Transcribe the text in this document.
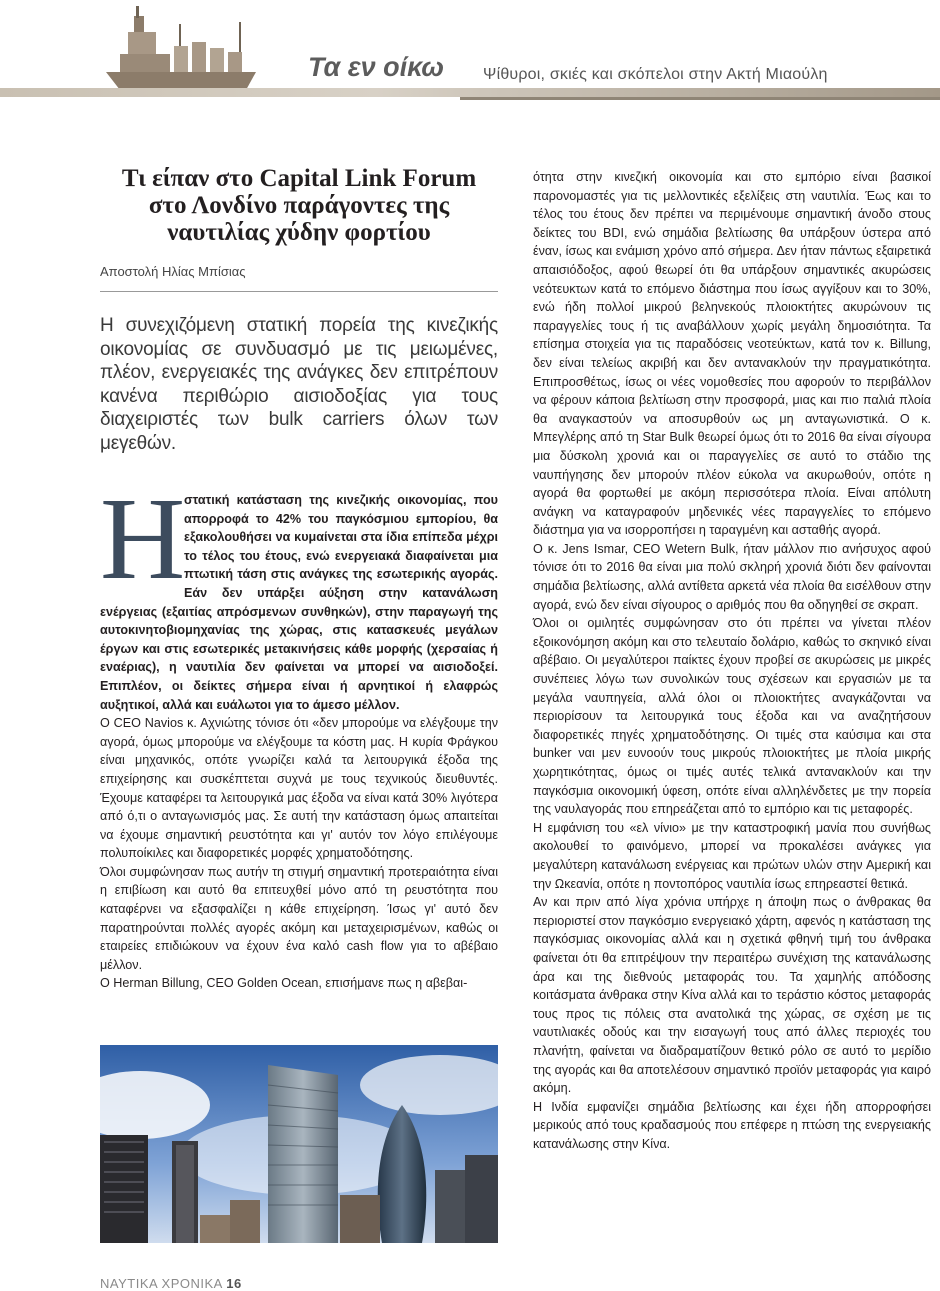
Τα εν οίκω Ψίθυροι, σκιές και σκόπελοι στην Ακτή Μιαούλη
Τι είπαν στο Capital Link Forum στο Λονδίνο παράγοντες της ναυτιλίας χύδην φορτίου
Αποστολή Ηλίας Μπίσιας
Η συνεχιζόμενη στατική πορεία της κινεζικής οικονομίας σε συνδυασμό με τις μειωμένες, πλέον, ενεργειακές της ανάγκες δεν επιτρέπουν κανένα περιθώριο αισιοδοξίας για τους διαχειριστές των bulk carriers όλων των μεγεθών.
Η

στατική κατάσταση της κινεζικής οικονομίας, που απορροφά το 42% του παγκόσμιου εμπορίου, θα εξακολουθήσει να κυμαίνεται στα ίδια επίπεδα μέχρι το τέλος του έτους, ενώ ενεργειακά διαφαίνεται μια πτωτική τάση στις ανάγκες της εσωτερικής αγοράς. Εάν δεν υπάρξει αύξηση στην κατανάλωση ενέργειας (εξαιτίας απρόσμενων συνθηκών), στην παραγωγή της αυτοκινητοβιομηχανίας της χώρας, στις κατασκευές μεγάλων έργων και στις εσωτερικές μετακινήσεις κάθε μορφής (χερσαίας ή εναέριας), η ναυτιλία δεν φαίνεται να μπορεί να αισιοδοξεί. Επιπλέον, οι δείκτες σήμερα είναι ή αρνητικοί ή ελαφρώς αυξητικοί, αλλά και ευάλωτοι για το άμεσο μέλλον.

Ο CEO Navios κ. Αχνιώτης τόνισε ότι «δεν μπορούμε να ελέγξουμε την αγορά, όμως μπορούμε να ελέγξουμε τα κόστη μας. Η κυρία Φράγκου είναι μηχανικός, οπότε γνωρίζει καλά τα λειτουργικά έξοδα της επιχείρησης και συσκέπτεται συχνά με τους τεχνικούς διευθυντές. Έχουμε καταφέρει τα λειτουργικά μας έξοδα να είναι κατά 30% λιγότερα από ό,τι ο ανταγωνισμός μας. Σε αυτή την κατάσταση όμως απαιτείται να έχουμε σημαντική ρευστότητα και γι' αυτόν τον λόγο επιλέγουμε πολυποίκιλες και διαφορετικές μορφές χρηματοδότησης.

Όλοι συμφώνησαν πως αυτήν τη στιγμή σημαντική προτεραιότητα είναι η επιβίωση και αυτό θα επιτευχθεί μόνο από τη ρευστότητα που καταφέρνει να εξασφαλίζει η κάθε επιχείρηση. Ίσως γι' αυτό δεν παρατηρούνται πολλές αγορές ακόμη και μεταχειρισμένων, καθώς οι εταιρείες επιδιώκουν να έχουν ένα καλό cash flow για το αβέβαιο μέλλον.

Ο Herman Billung, CEO Golden Ocean, επισήμανε πως η αβεβαι-

ότητα στην κινεζική οικονομία και στο εμπόριο είναι βασικοί παρονομαστές για τις μελλοντικές εξελίξεις στη ναυτιλία. Έως και το τέλος του έτους δεν πρέπει να περιμένουμε σημαντική άνοδο στους δείκτες του BDI, ενώ σημάδια βελτίωσης θα υπάρξουν ύστερα από έναν, ίσως και ενάμιση χρόνο από σήμερα. Δεν ήταν πάντως εξαιρετικά απαισιόδοξος, αφού θεωρεί ότι θα υπάρξουν σημαντικές ακυρώσεις νεότευκτων κατά το επόμενο διάστημα που ίσως αγγίξουν και το 30%, ενώ ήδη πολλοί μικρού βεληνεκούς πλοιοκτήτες ακυρώνουν τις παραγγελίες τους ή τις αναβάλλουν χωρίς μεγάλη δημοσιότητα. Τα επίσημα στοιχεία για τις παραδόσεις νεοτεύκτων, κατά τον κ. Billung, δεν είναι τελείως ακριβή και δεν αντανακλούν την πραγματικότητα. Επιπροσθέτως, ίσως οι νέες νομοθεσίες που αφορούν το περιβάλλον να φέρουν κάποια βελτίωση στην προσφορά, μιας και πιο παλιά πλοία θα αναγκαστούν να αποσυρθούν ως μη ανταγωνιστικά. Ο κ. Μπεγλέρης από τη Star Bulk θεωρεί όμως ότι το 2016 θα είναι σίγουρα μια δύσκολη χρονιά και οι παραγγελίες σε αυτό το στάδιο της ναυπήγησης δεν μπορούν πλέον εύκολα να ακυρωθούν, οπότε η αγορά θα φορτωθεί με ακόμη περισσότερα πλοία. Είναι απόλυτη ανάγκη να καταγραφούν μηδενικές νέες παραγγελίες το επόμενο διάστημα για να ισορροπήσει η ταραγμένη και ασταθής αγορά.

Ο κ. Jens Ismar, CEO Wetern Bulk, ήταν μάλλον πιο ανήσυχος αφού τόνισε ότι το 2016 θα είναι μια πολύ σκληρή χρονιά διότι δεν φαίνονται σημάδια βελτίωσης, αλλά αντίθετα αρκετά νέα πλοία θα εισέλθουν στην αγορά, ενώ δεν είναι σίγουρος ο αριθμός που θα οδηγηθεί σε σκραπ.

Όλοι οι ομιλητές συμφώνησαν στο ότι πρέπει να γίνεται πλέον εξοικονόμηση ακόμη και στο τελευταίο δολάριο, καθώς το σκηνικό είναι αβέβαιο. Οι μεγαλύτεροι παίκτες έχουν προβεί σε ακυρώσεις με μικρές συνέπειες λόγω των συνολικών τους σχέσεων και εργασιών με τα μεγάλα ναυπηγεία, αλλά όλοι οι πλοιοκτήτες αναγκάζονται να περιορίσουν τα λειτουργικά τους έξοδα και να αναζητήσουν διαφορετικές πηγές χρηματοδότησης. Οι τιμές στα καύσιμα και στα bunker ναι μεν ευνοούν τους μικρούς πλοιοκτήτες με πλοία μικρής χωρητικότητας, όμως οι τιμές αυτές τελικά αντανακλούν και την παγκόσμια οικονομική ύφεση, οπότε είναι αλληλένδετες με την πορεία της ναυλαγοράς που επηρεάζεται από το εμπόριο και τις μεταφορές.

Η εμφάνιση του «ελ νίνιο» με την καταστροφική μανία που συνήθως ακολουθεί το φαινόμενο, μπορεί να προκαλέσει ανάγκες για μεγαλύτερη κατανάλωση ενέργειας και πρώτων υλών στην Αμερική και την Ωκεανία, οπότε η ποντοπόρος ναυτιλία ίσως επηρεαστεί θετικά.

Αν και πριν από λίγα χρόνια υπήρχε η άποψη πως ο άνθρακας θα περιοριστεί στον παγκόσμιο ενεργειακό χάρτη, αφενός η κατάσταση της παγκόσμιας οικονομίας αλλά και η σχετικά φθηνή τιμή του άνθρακα φαίνεται ότι θα επιτρέψουν την περαιτέρω συνέχιση της κατανάλωσης άρα και της διεθνούς μεταφοράς του. Τα χαμηλής απόδοσης κοιτάσματα άνθρακα στην Κίνα αλλά και το τεράστιο κόστος μεταφοράς τους προς τις πόλεις στα ανατολικά της χώρας, σε σχέση με τις ναυτιλιακές οδούς και την εισαγωγή τους από άλλες περιοχές του πλανήτη, φαίνεται να διαδραματίζουν θετικό ρόλο σε αυτό το μερίδιο της αγοράς και θα αποτελέσουν σημαντικό προϊόν μεταφοράς για καιρό ακόμη.

Η Ινδία εμφανίζει σημάδια βελτίωσης και έχει ήδη απορροφήσει μερικούς από τους κραδασμούς που επέφερε η πτώση της ενεργειακής κατανάλωσης στην Κίνα.

ΝΑΥΤΙΚΑ ΧΡΟΝΙΚΑ 16
